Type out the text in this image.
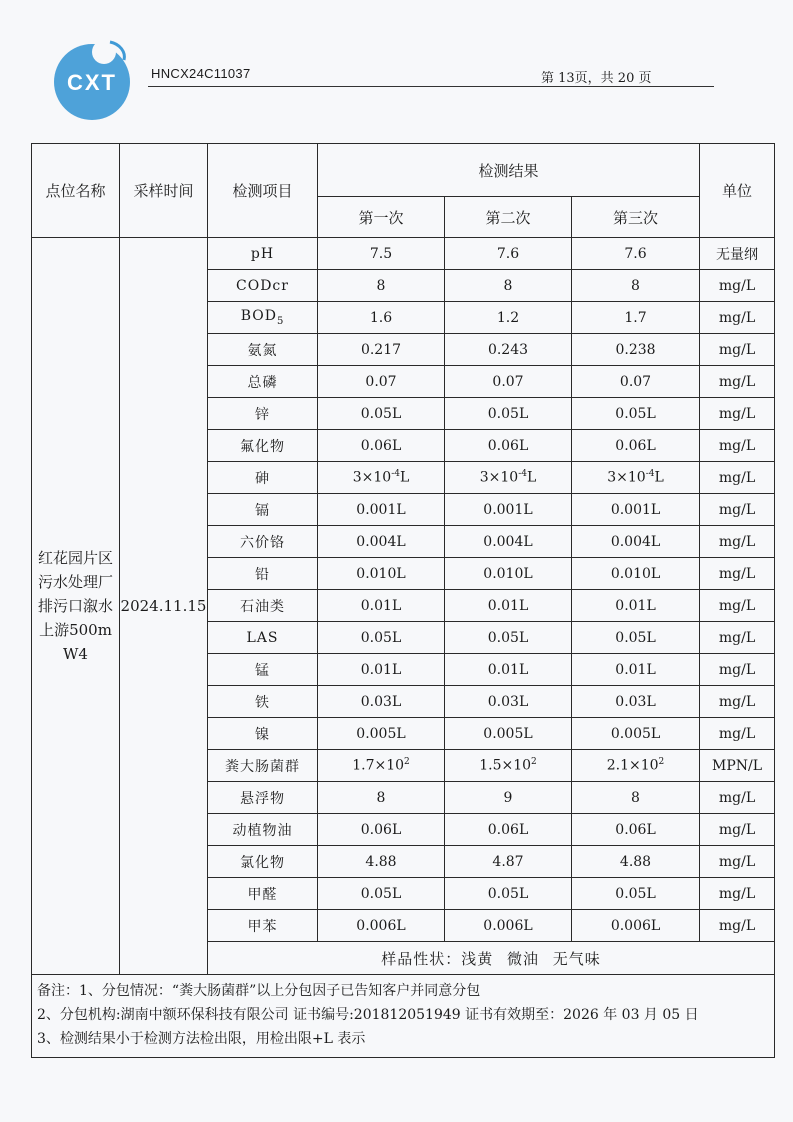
CXT	HNCX24C11037	第 13页，共 20 页
点位名称	采样时间	检测项目	检测结果			单位
			第一次	第二次	第三次	
红花园片区污水处理厂排污口溆水上游500mW4	2024.11.15	pH	7.5	7.6	7.6	无量纲
		CODcr	8	8	8	mg/L
		$BOD_5$	1.6	1.2	1.7	mg/L
		氨氮	0.217	0.243	0.238	mg/L
		总磷	0.07	0.07	0.07	mg/L
		锌	0.05L	0.05L	0.05L	mg/L
		氟化物	0.06L	0.06L	0.06L	mg/L
		砷	$3\times 10^{-4}L$	$3\times 10^{-4}L$	$3\times 10^{-4}L$	mg/L
		镉	0.001L	0.001L	0.001L	mg/L
		六价铬	0.004L	0.004L	0.004L	mg/L
		铅	0.010L	0.010L	0.010L	mg/L
		石油类	0.01L	0.01L	0.01L	mg/L
		LAS	0.05L	0.05L	0.05L	mg/L
		锰	0.01L	0.01L	0.01L	mg/L
		铁	0.03L	0.03L	0.03L	mg/L
		镍	0.005L	0.005L	0.005L	mg/L
		粪大肠菌群	$1.7\times 10^2$	$1.5\times 10^2$	$2.1\times 10^2$	MPN/L
		悬浮物	8	9	8	mg/L
		动植物油	0.06L	0.06L	0.06L	mg/L
		氯化物	4.88	4.87	4.88	mg/L
		甲醛	0.05L	0.05L	0.05L	mg/L
		甲苯	0.006L	0.006L	0.006L	mg/L
		样品性状：浅黄 微油 无气味				

备注：1、分包情况：“粪大肠菌群”以上分包因子已告知客户并同意分包
2、分包机构:湖南中额环保科技有限公司 证书编号:201812051949 证书有效期至：2026 年 03 月 05 日
3、检测结果小于检测方法检出限，用检出限+L 表示						
